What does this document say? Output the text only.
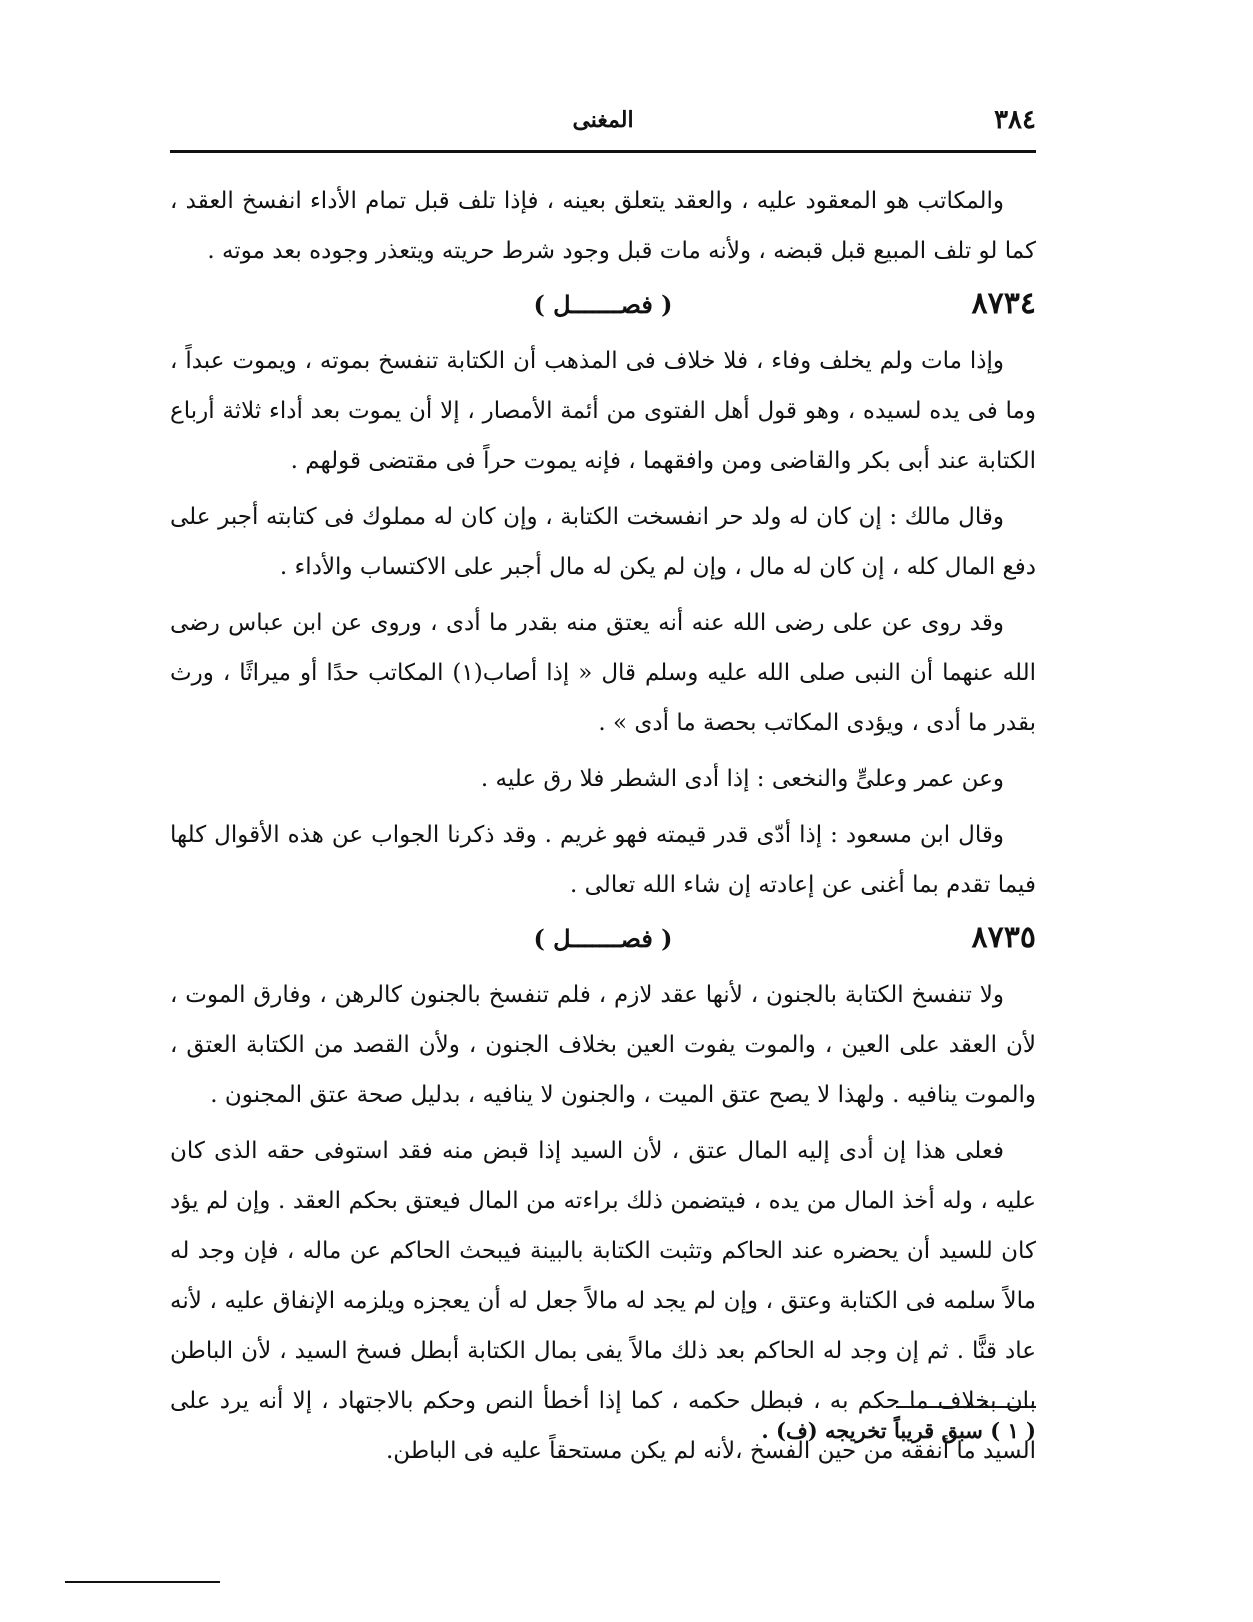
٣٨٤
المغنى

والمكاتب هو المعقود عليه ، والعقد يتعلق بعينه ، فإذا تلف قبل تمام الأداء انفسخ العقد ، كما لو تلف المبيع قبل قبضه ، ولأنه مات قبل وجود شرط حريته ويتعذر وجوده بعد موته .

٨٧٣٤
( فصـــــــل )

وإذا مات ولم يخلف وفاء ، فلا خلاف فى المذهب أن الكتابة تنفسخ بموته ، ويموت عبداً ، وما فى يده لسيده ، وهو قول أهل الفتوى من أئمة الأمصار ، إلا أن يموت بعد أداء ثلاثة أرباع الكتابة عند أبى بكر والقاضى ومن وافقهما ، فإنه يموت حراً فى مقتضى قولهم .

وقال مالك : إن كان له ولد حر انفسخت الكتابة ، وإن كان له مملوك فى كتابته أجبر على دفع المال كله ، إن كان له مال ، وإن لم يكن له مال أجبر على الاكتساب والأداء .

وقد روى عن على رضى الله عنه أنه يعتق منه بقدر ما أدى ، وروى عن ابن عباس رضى الله عنهما أن النبى صلى الله عليه وسلم قال « إذا أصاب(١) المكاتب حدًا أو ميراثًا ، ورث بقدر ما أدى ، ويؤدى المكاتب بحصة ما أدى » .

وعن عمر وعلىٍّ والنخعى : إذا أدى الشطر فلا رق عليه .

وقال ابن مسعود : إذا أدّى قدر قيمته فهو غريم . وقد ذكرنا الجواب عن هذه الأقوال كلها فيما تقدم بما أغنى عن إعادته إن شاء الله تعالى .

٨٧٣٥
( فصـــــــل )

ولا تنفسخ الكتابة بالجنون ، لأنها عقد لازم ، فلم تنفسخ بالجنون كالرهن ، وفارق الموت ، لأن العقد على العين ، والموت يفوت العين بخلاف الجنون ، ولأن القصد من الكتابة العتق ، والموت ينافيه . ولهذا لا يصح عتق الميت ، والجنون لا ينافيه ، بدليل صحة عتق المجنون .

فعلى هذا إن أدى إليه المال عتق ، لأن السيد إذا قبض منه فقد استوفى حقه الذى كان عليه ، وله أخذ المال من يده ، فيتضمن ذلك براءته من المال فيعتق بحكم العقد . وإن لم يؤد كان للسيد أن يحضره عند الحاكم وتثبت الكتابة بالبينة فيبحث الحاكم عن ماله ، فإن وجد له مالاً سلمه فى الكتابة وعتق ، وإن لم يجد له مالاً جعل له أن يعجزه ويلزمه الإنفاق عليه ، لأنه عاد قنًّا . ثم إن وجد له الحاكم بعد ذلك مالاً يفى بمال الكتابة أبطل فسخ السيد ، لأن الباطن بان بخلاف ما حكم به ، فبطل حكمه ، كما إذا أخطأ النص وحكم بالاجتهاد ، إلا أنه يرد على السيد ما أنفقه من حين الفسخ ،لأنه لم يكن مستحقاً عليه فى الباطن.

( ١ ) سبق قريباً تخريجه (ف) .
